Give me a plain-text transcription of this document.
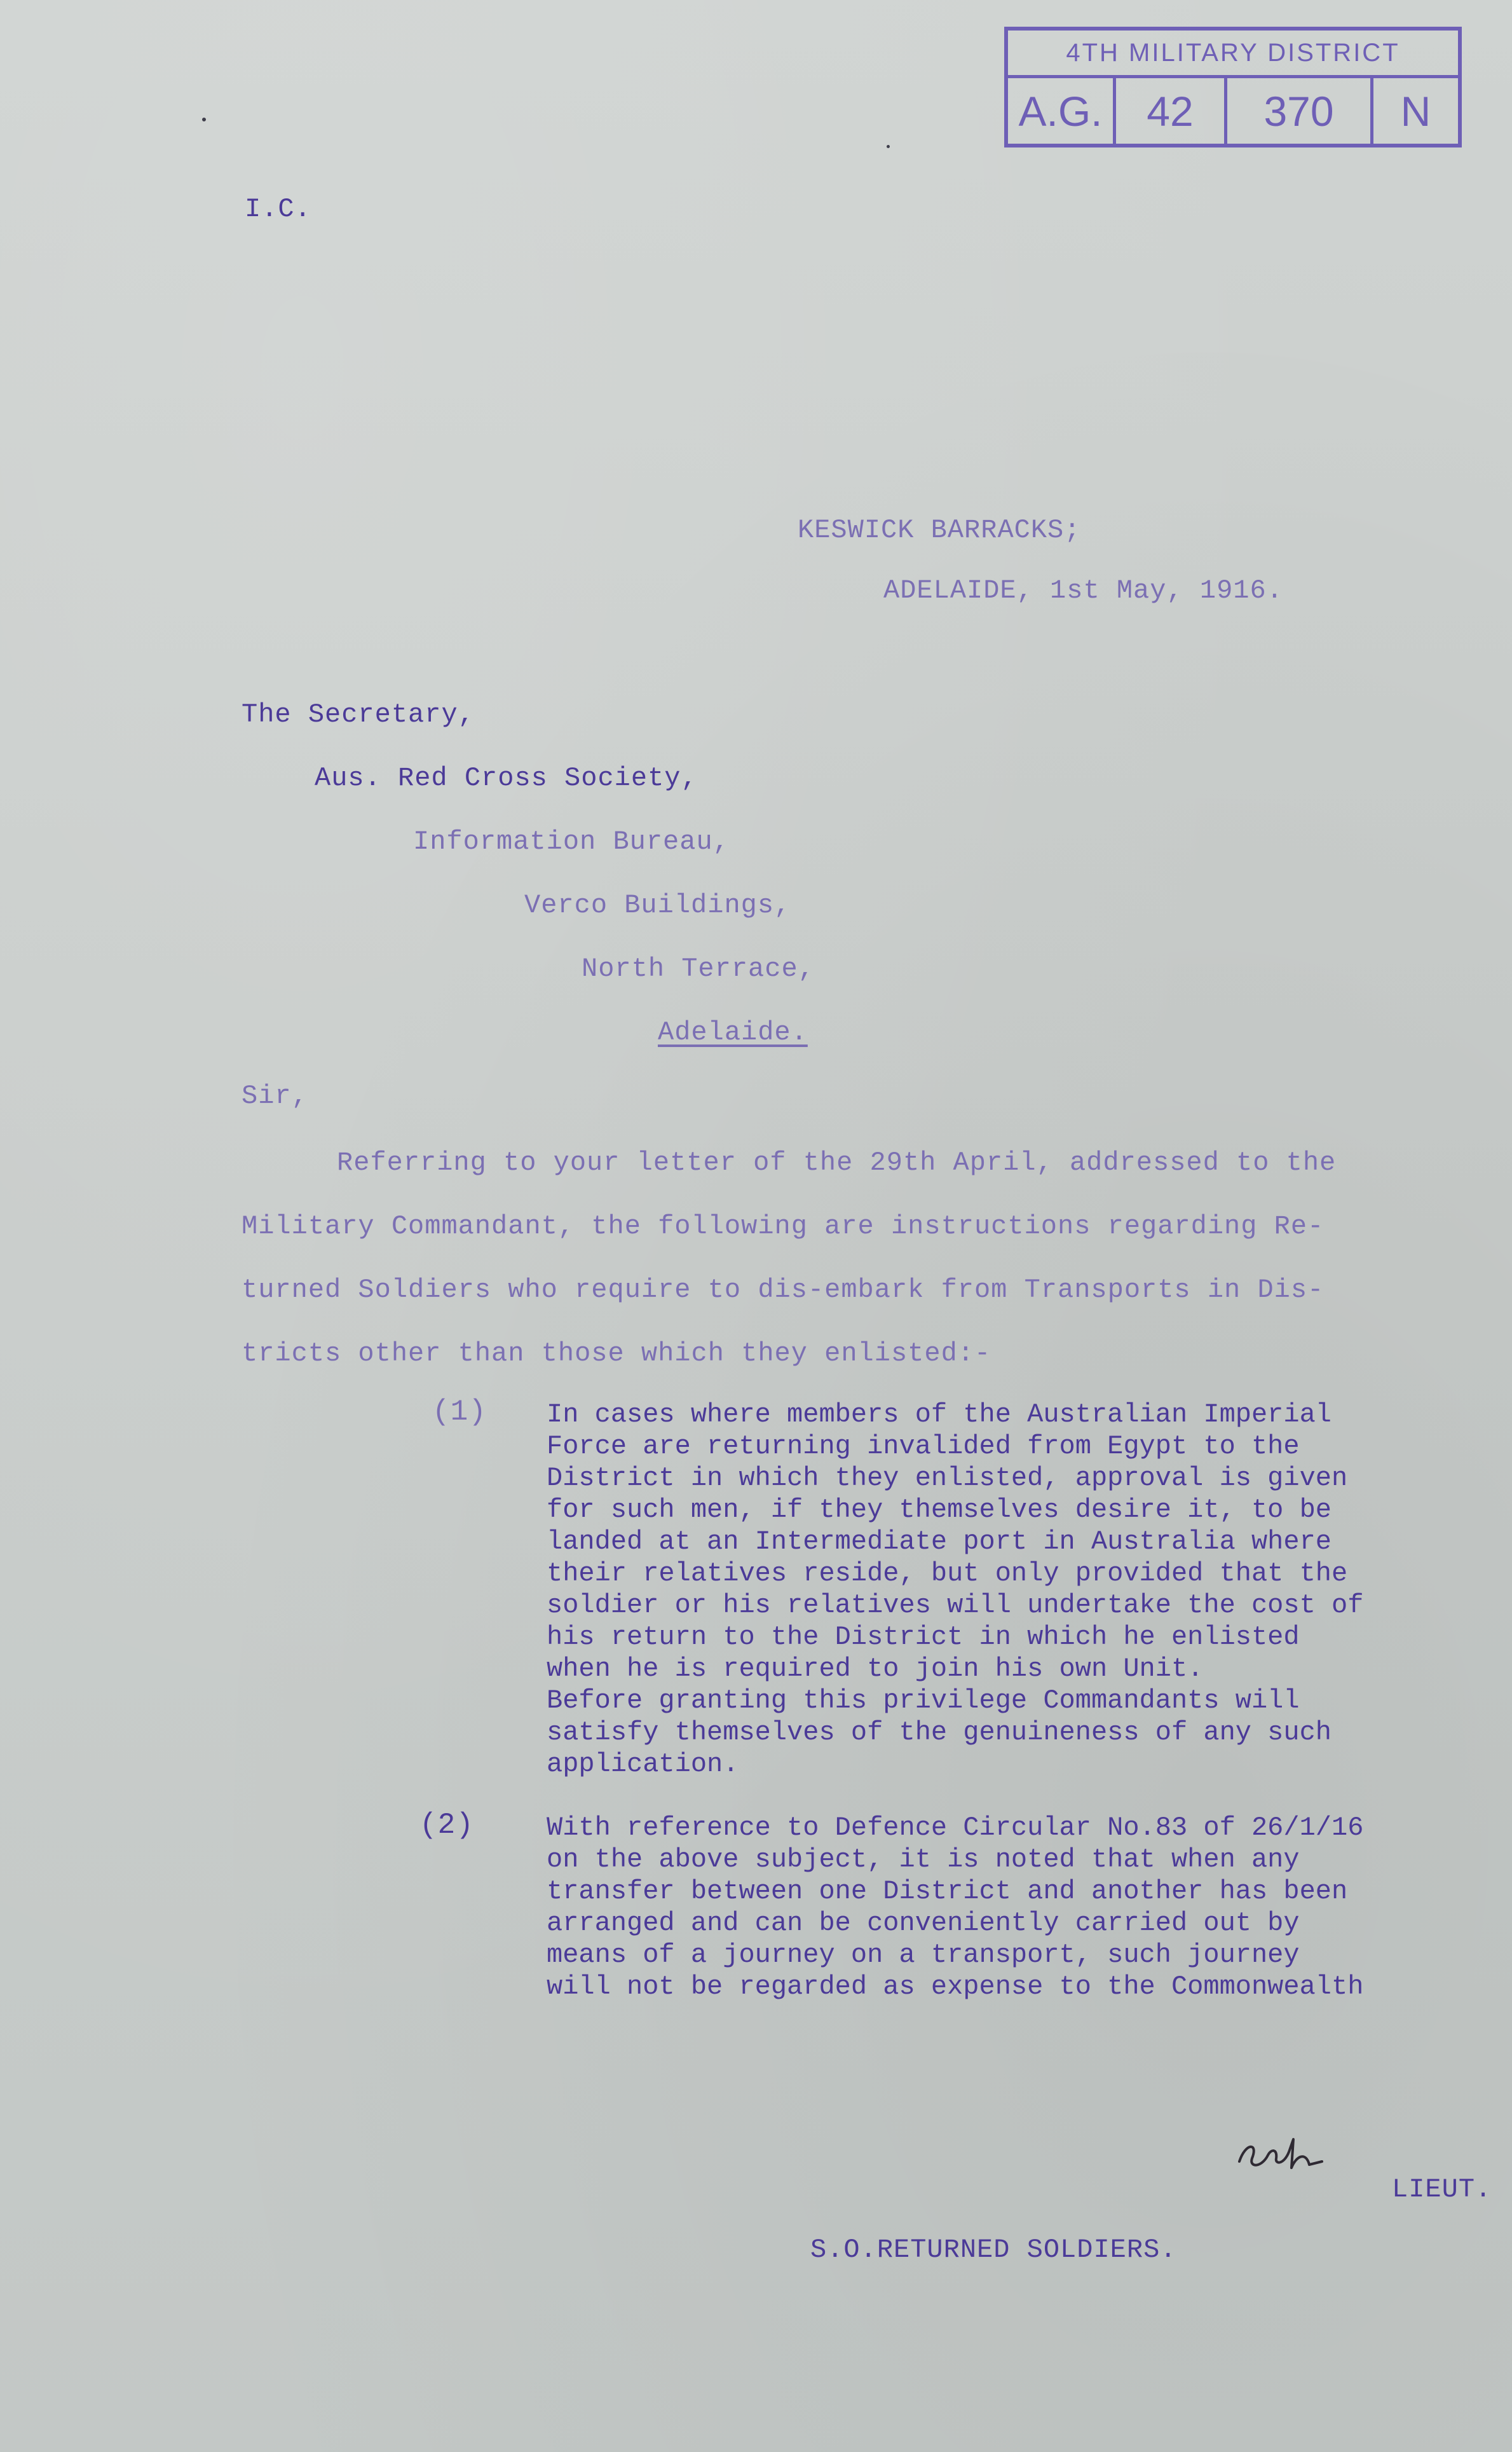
4TH MILITARY DISTRICT
A.G.	42	370	N
I.C.
KESWICK BARRACKS;
ADELAIDE, 1st May, 1916.
The Secretary,
Aus. Red Cross Society,
Information Bureau,
Verco Buildings,
North Terrace,
Adelaide.
Sir,
Referring to your letter of the 29th April, addressed to the
Military Commandant, the following are instructions regarding Re-
turned Soldiers who require to dis-embark from Transports in Dis-
tricts other than those which they enlisted:-
(1) In cases where members of the Australian Imperial
Force are returning invalided from Egypt to the
District in which they enlisted, approval is given
for such men, if they themselves desire it, to be
landed at an Intermediate port in Australia where
their relatives reside, but only provided that the
soldier or his relatives will undertake the cost of
his return to the District in which he enlisted
when he is required to join his own Unit.
Before granting this privilege Commandants will
satisfy themselves of the genuineness of any such
application.
(2)	With reference to Defence Circular No.83 of 26/1/16
on the above subject, it is noted that when any
transfer between one District and another has been
arranged and can be conveniently carried out by
means of a journey on a transport, such journey
will not be regarded as expense to the Commonwealth
LIEUT.
S.O.RETURNED SOLDIERS.
